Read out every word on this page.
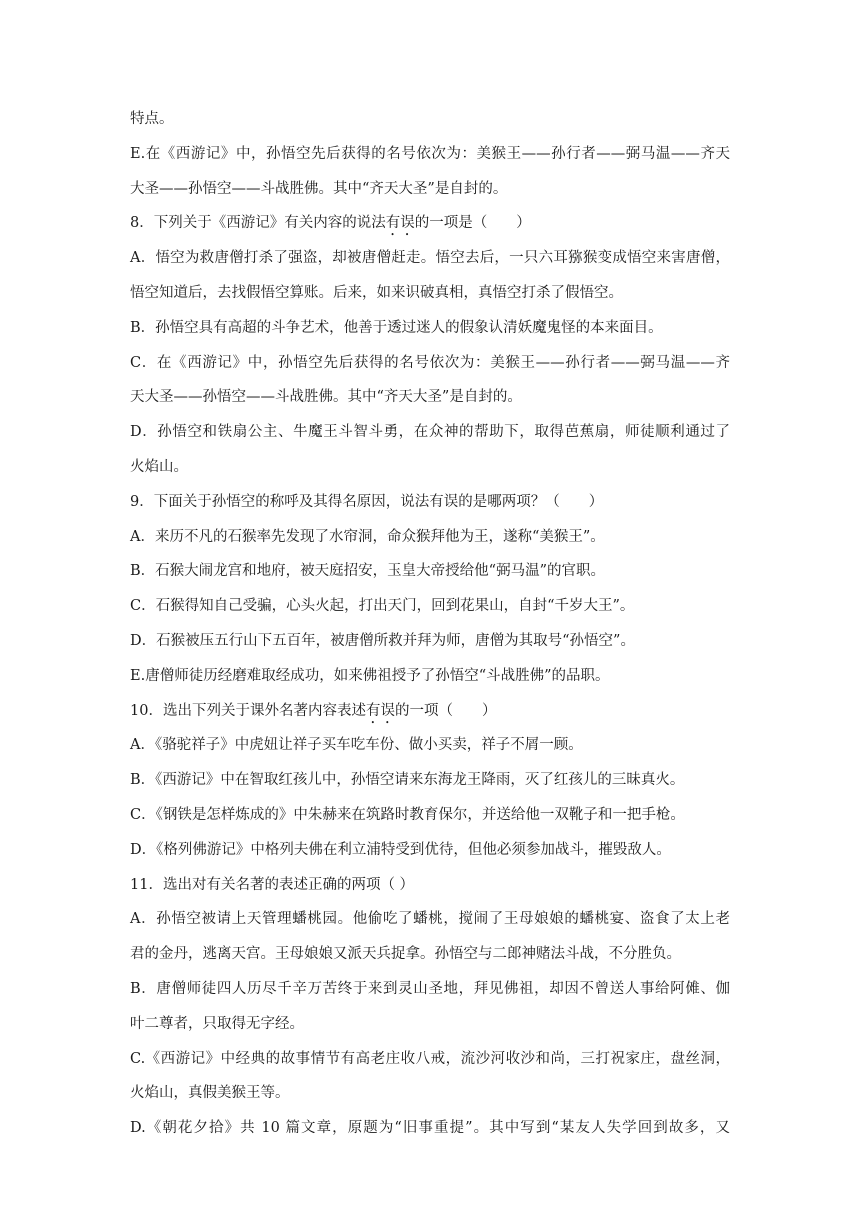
特点。
E.在《西游记》中，孙悟空先后获得的名号依次为：美猴王——孙行者——弼马温——齐天
大圣——孙悟空——斗战胜佛。其中“齐天大圣”是自封的。
8．下列关于《西游记》有关内容的说法有误的一项是（　　）
A．悟空为救唐僧打杀了强盗，却被唐僧赶走。悟空去后，一只六耳猕猴变成悟空来害唐僧，
悟空知道后，去找假悟空算账。后来，如来识破真相，真悟空打杀了假悟空。
B．孙悟空具有高超的斗争艺术，他善于透过迷人的假象认清妖魔鬼怪的本来面目。
C．在《西游记》中，孙悟空先后获得的名号依次为：美猴王——孙行者——弼马温——齐
天大圣——孙悟空——斗战胜佛。其中“齐天大圣”是自封的。
D．孙悟空和铁扇公主、牛魔王斗智斗勇，在众神的帮助下，取得芭蕉扇，师徒顺利通过了
火焰山。
9．下面关于孙悟空的称呼及其得名原因，说法有误的是哪两项？（　　）
A．来历不凡的石猴率先发现了水帘洞，命众猴拜他为王，遂称“美猴王”。
B．石猴大闹龙宫和地府，被天庭招安，玉皇大帝授给他“弼马温”的官职。
C．石猴得知自己受骗，心头火起，打出天门，回到花果山，自封“千岁大王”。
D．石猴被压五行山下五百年，被唐僧所救并拜为师，唐僧为其取号“孙悟空”。
E.唐僧师徒历经磨难取经成功，如来佛祖授予了孙悟空“斗战胜佛”的品职。
10．选出下列关于课外名著内容表述有误的一项（　　）
A．《骆驼祥子》中虎妞让祥子买车吃车份、做小买卖，祥子不屑一顾。
B．《西游记》中在智取红孩儿中，孙悟空请来东海龙王降雨，灭了红孩儿的三昧真火。
C．《钢铁是怎样炼成的》中朱赫来在筑路时教育保尔，并送给他一双靴子和一把手枪。
D．《格列佛游记》中格列夫佛在利立浦特受到优待，但他必须参加战斗，摧毁敌人。
11．选出对有关名著的表述正确的两项（ ）
A．孙悟空被请上天管理蟠桃园。他偷吃了蟠桃，搅闹了王母娘娘的蟠桃宴、盗食了太上老
君的金丹，逃离天宫。王母娘娘又派天兵捉拿。孙悟空与二郎神赌法斗战，不分胜负。
B．唐僧师徒四人历尽千辛万苦终于来到灵山圣地，拜见佛祖，却因不曾送人事给阿傩、伽
叶二尊者，只取得无字经。
C.《西游记》中经典的故事情节有高老庄收八戒，流沙河收沙和尚，三打祝家庄，盘丝洞，
火焰山，真假美猴王等。
D.《朝花夕拾》共 10 篇文章，原题为“旧事重提”。其中写到“某友人失学回到故多，又
